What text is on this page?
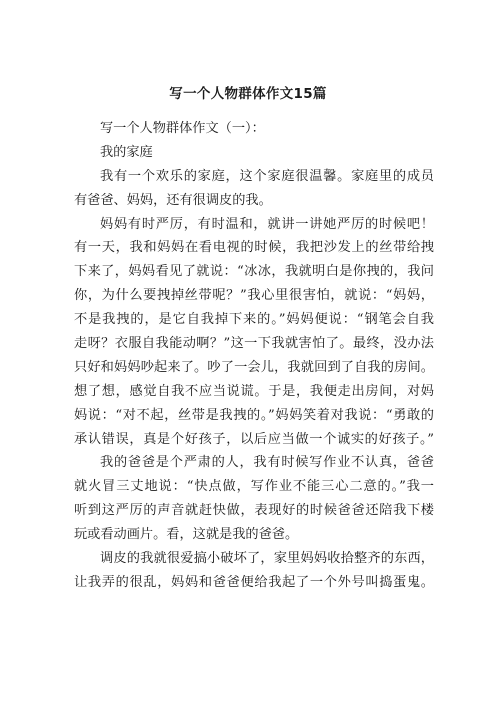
写一个人物群体作文15篇
写一个人物群体作文（一）：
我的家庭
我有一个欢乐的家庭，这个家庭很温馨。家庭里的成员
有爸爸、妈妈，还有很调皮的我。
妈妈有时严厉，有时温和，就讲一讲她严厉的时候吧！
有一天，我和妈妈在看电视的时候，我把沙发上的丝带给拽
下来了，妈妈看见了就说：“冰冰，我就明白是你拽的，我问
你，为什么要拽掉丝带呢？”我心里很害怕，就说：“妈妈，
不是我拽的，是它自我掉下来的。”妈妈便说：“钢笔会自我
走呀？衣服自我能动啊？”这一下我就害怕了。最终，没办法
只好和妈妈吵起来了。吵了一会儿，我就回到了自我的房间。
想了想，感觉自我不应当说谎。于是，我便走出房间，对妈
妈说：“对不起，丝带是我拽的。”妈妈笑着对我说：“勇敢的
承认错误，真是个好孩子，以后应当做一个诚实的好孩子。”
我的爸爸是个严肃的人，我有时候写作业不认真，爸爸
就火冒三丈地说：“快点做，写作业不能三心二意的。”我一
听到这严厉的声音就赶快做，表现好的时候爸爸还陪我下楼
玩或看动画片。看，这就是我的爸爸。
调皮的我就很爱搞小破坏了，家里妈妈收拾整齐的东西，
让我弄的很乱，妈妈和爸爸便给我起了一个外号叫捣蛋鬼。
